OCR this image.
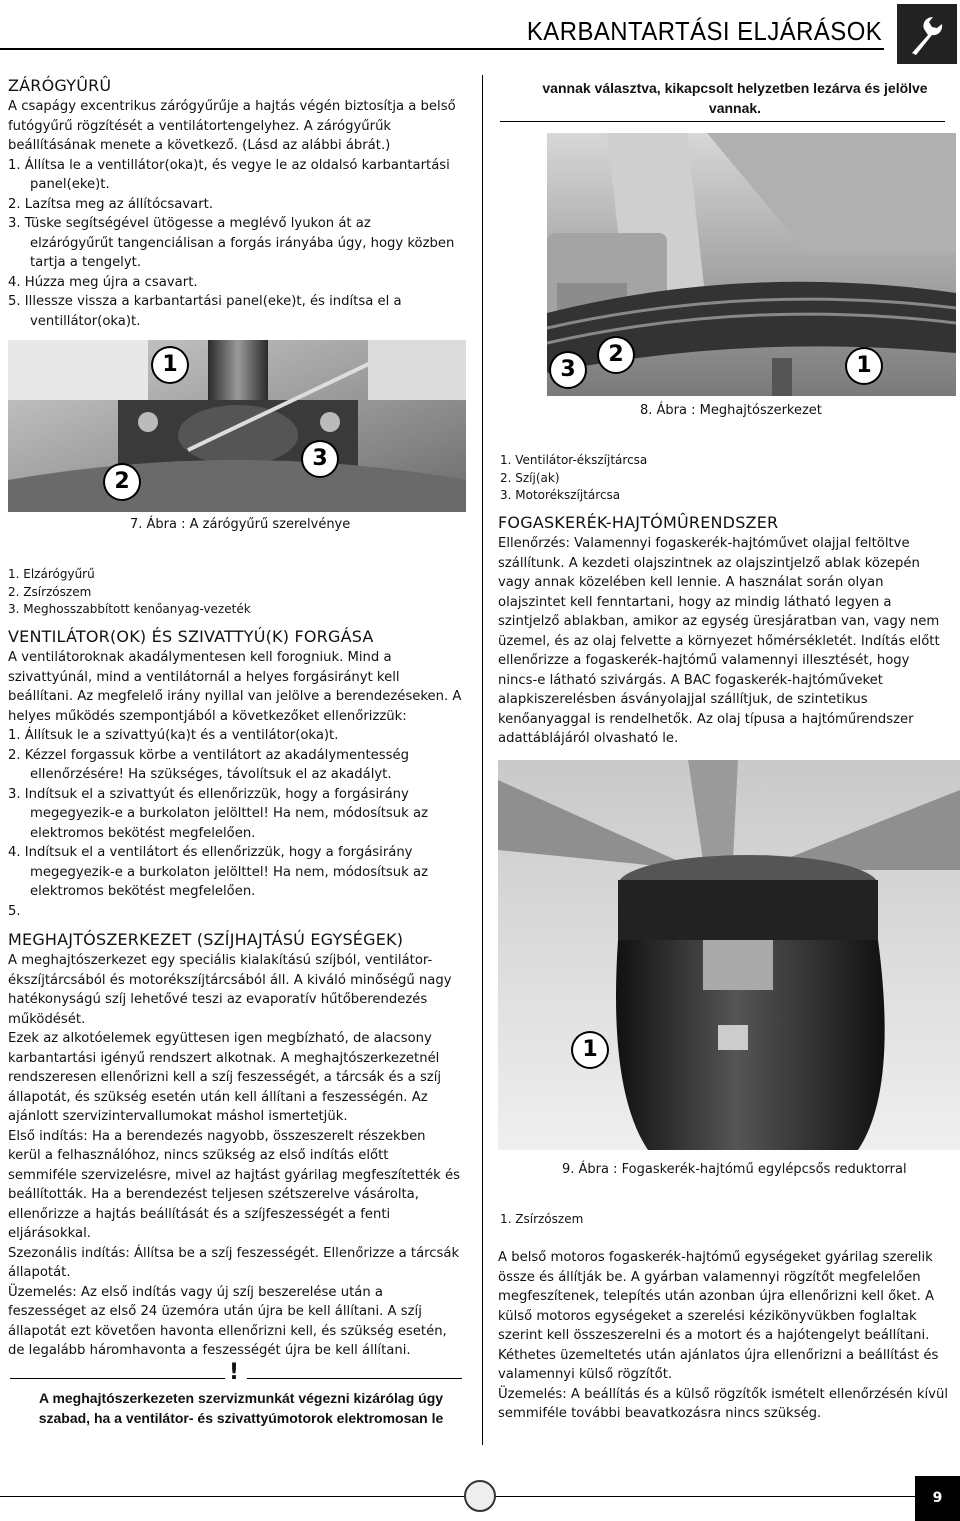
KARBANTARTÁSI ELJÁRÁSOK
ZÁRÓGYÛRÛ
A csapágy excentrikus zárógyűrűje a hajtás végén biztosítja a belső
futógyűrű rögzítését a ventilátortengelyhez. A zárógyűrűk
beállításának menete a következő. (Lásd az alábbi ábrát.)
1. Állítsa le a ventillátor(oka)t, és vegye le az oldalsó karbantartási
panel(eke)t.
2. Lazítsa meg az állítócsavart.
3. Tüske segítségével ütögesse a meglévő lyukon át az
elzárógyűrűt tangenciálisan a forgás irányába úgy, hogy közben
tartja a tengelyt.
4. Húzza meg újra a csavart.
5. Illessze vissza a karbantartási panel(eke)t, és indítsa el a
ventillátor(oka)t.
1
2
3
7. Ábra : A zárógyűrű szerelvénye
1. Elzárógyűrű
2. Zsírzószem
3. Meghosszabbított kenőanyag-vezeték
VENTILÁTOR(OK) ÉS SZIVATTYÚ(K) FORGÁSA
A ventilátoroknak akadálymentesen kell forogniuk. Mind a
szivattyúnál, mind a ventilátornál a helyes forgásirányt kell
beállítani. Az megfelelő irány nyillal van jelölve a berendezéseken. A
helyes működés szempontjából a következőket ellenőrizzük:
1. Állítsuk le a szivattyú(ka)t és a ventilátor(oka)t.
2. Kézzel forgassuk körbe a ventilátort az akadálymentesség
ellenőrzésére! Ha szükséges, távolítsuk el az akadályt.
3. Indítsuk el a szivattyút és ellenőrizzük, hogy a forgásirány
megegyezik-e a burkolaton jelölttel! Ha nem, módosítsuk az
elektromos bekötést megfelelően.
4. Indítsuk el a ventilátort és ellenőrizzük, hogy a forgásirány
megegyezik-e a burkolaton jelölttel! Ha nem, módosítsuk az
elektromos bekötést megfelelően.
5.
MEGHAJTÓSZERKEZET (SZÍJHAJTÁSÚ EGYSÉGEK)
A meghajtószerkezet egy speciális kialakítású szíjból, ventilátor-
ékszíjtárcsából és motorékszíjtárcsából áll. A kiváló minőségű nagy
hatékonyságú szíj lehetővé teszi az evaporatív hűtőberendezés
működését.
Ezek az alkotóelemek együttesen igen megbízható, de alacsony
karbantartási igényű rendszert alkotnak. A meghajtószerkezetnél
rendszeresen ellenőrizni kell a szíj feszességét, a tárcsák és a szíj
állapotát, és szükség esetén után kell állítani a feszességén. Az
ajánlott szervizintervallumokat máshol ismertetjük.
Első indítás: Ha a berendezés nagyobb, összeszerelt részekben
kerül a felhasználóhoz, nincs szükség az első indítás előtt
semmiféle szervizelésre, mivel az hajtást gyárilag megfeszítették és
beállították. Ha a berendezést teljesen szétszerelve vásárolta,
ellenőrizze a hajtás beállítását és a szíjfeszességét a fenti
eljárásokkal.
Szezonális indítás: Állítsa be a szíj feszességét. Ellenőrizze a tárcsák
állapotát.
Üzemelés: Az első indítás vagy új szíj beszerelése után a
feszességet az első 24 üzemóra után újra be kell állítani. A szíj
állapotát ezt követően havonta ellenőrizni kell, és szükség esetén,
de legalább háromhavonta a feszességét újra be kell állítani.
!
A meghajtószerkezeten szervizmunkát végezni kizárólag úgy
szabad, ha a ventilátor- és szivattyúmotorok elektromosan le
vannak választva, kikapcsolt helyzetben lezárva és jelölve
vannak.
1
2
3
8. Ábra : Meghajtószerkezet
1. Ventilátor-ékszíjtárcsa
2. Szíj(ak)
3. Motorékszíjtárcsa
FOGASKERÉK-HAJTÓMÛRENDSZER
Ellenőrzés: Valamennyi fogaskerék-hajtóművet olajjal feltöltve
szállítunk. A kezdeti olajszintnek az olajszintjelző ablak közepén
vagy annak közelében kell lennie. A használat során olyan
olajszintet kell fenntartani, hogy az mindig látható legyen a
szintjelző ablakban, amikor az egység üresjáratban van, vagy nem
üzemel, és az olaj felvette a környezet hőmérsékletét. Indítás előtt
ellenőrizze a fogaskerék-hajtómű valamennyi illesztését, hogy
nincs-e látható szivárgás. A BAC fogaskerék-hajtóműveket
alapkiszerelésben ásványolajjal szállítjuk, de szintetikus
kenőanyaggal is rendelhetők. Az olaj típusa a hajtóműrendszer
adattáblájáról olvasható le.
1
9. Ábra : Fogaskerék-hajtómű egylépcsős reduktorral
1. Zsírzószem
A belső motoros fogaskerék-hajtómű egységeket gyárilag szerelik
össze és állítják be. A gyárban valamennyi rögzítőt megfelelően
megfeszítenek, telepítés után azonban újra ellenőrizni kell őket. A
külső motoros egységeket a szerelési kézikönyvükben foglaltak
szerint kell összeszerelni és a motort és a hajótengelyt beállítani.
Kéthetes üzemeltetés után ajánlatos újra ellenőrizni a beállítást és
valamennyi külső rögzítőt.
Üzemelés: A beállítás és a külső rögzítők ismételt ellenőrzésén kívül
semmiféle további beavatkozásra nincs szükség.
9
